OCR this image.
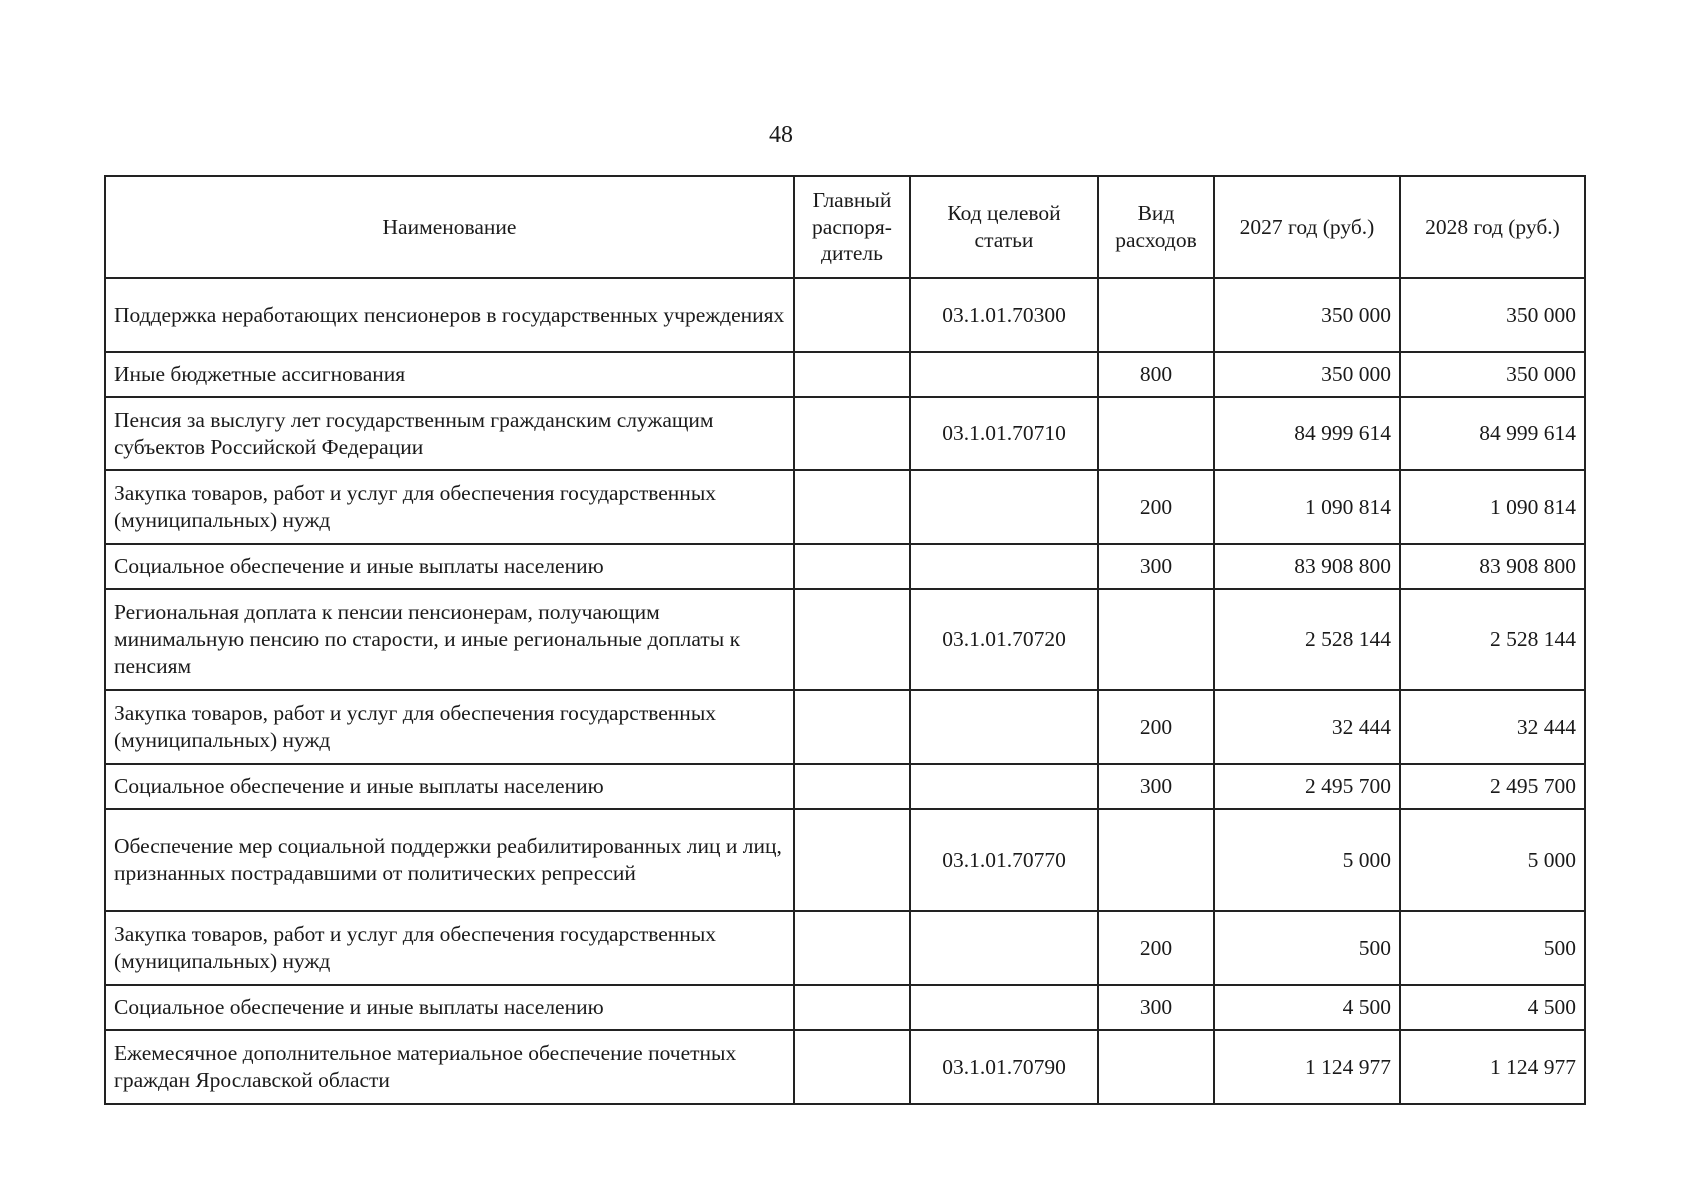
48
Наименование	Главный распоря-дитель	Код целевой статьи	Вид расходов	2027 год (руб.)	2028 год (руб.)
Поддержка неработающих пенсионеров в государственных учреждениях		03.1.01.70300		350 000	350 000
Иные бюджетные ассигнования			800	350 000	350 000
Пенсия за выслугу лет государственным гражданским служащим субъектов Российской Федерации		03.1.01.70710		84 999 614	84 999 614
Закупка товаров, работ и услуг для обеспечения государственных (муниципальных) нужд			200	1 090 814	1 090 814
Социальное обеспечение и иные выплаты населению			300	83 908 800	83 908 800
Региональная доплата к пенсии пенсионерам, получающим минимальную пенсию по старости, и иные региональные доплаты к пенсиям		03.1.01.70720		2 528 144	2 528 144
Закупка товаров, работ и услуг для обеспечения государственных (муниципальных) нужд			200	32 444	32 444
Социальное обеспечение и иные выплаты населению			300	2 495 700	2 495 700
Обеспечение мер социальной поддержки реабилитированных лиц и лиц, признанных пострадавшими от политических репрессий		03.1.01.70770		5 000	5 000
Закупка товаров, работ и услуг для обеспечения государственных (муниципальных) нужд			200	500	500
Социальное обеспечение и иные выплаты населению			300	4 500	4 500
Ежемесячное дополнительное материальное обеспечение почетных граждан Ярославской области		03.1.01.70790		1 124 977	1 124 977
